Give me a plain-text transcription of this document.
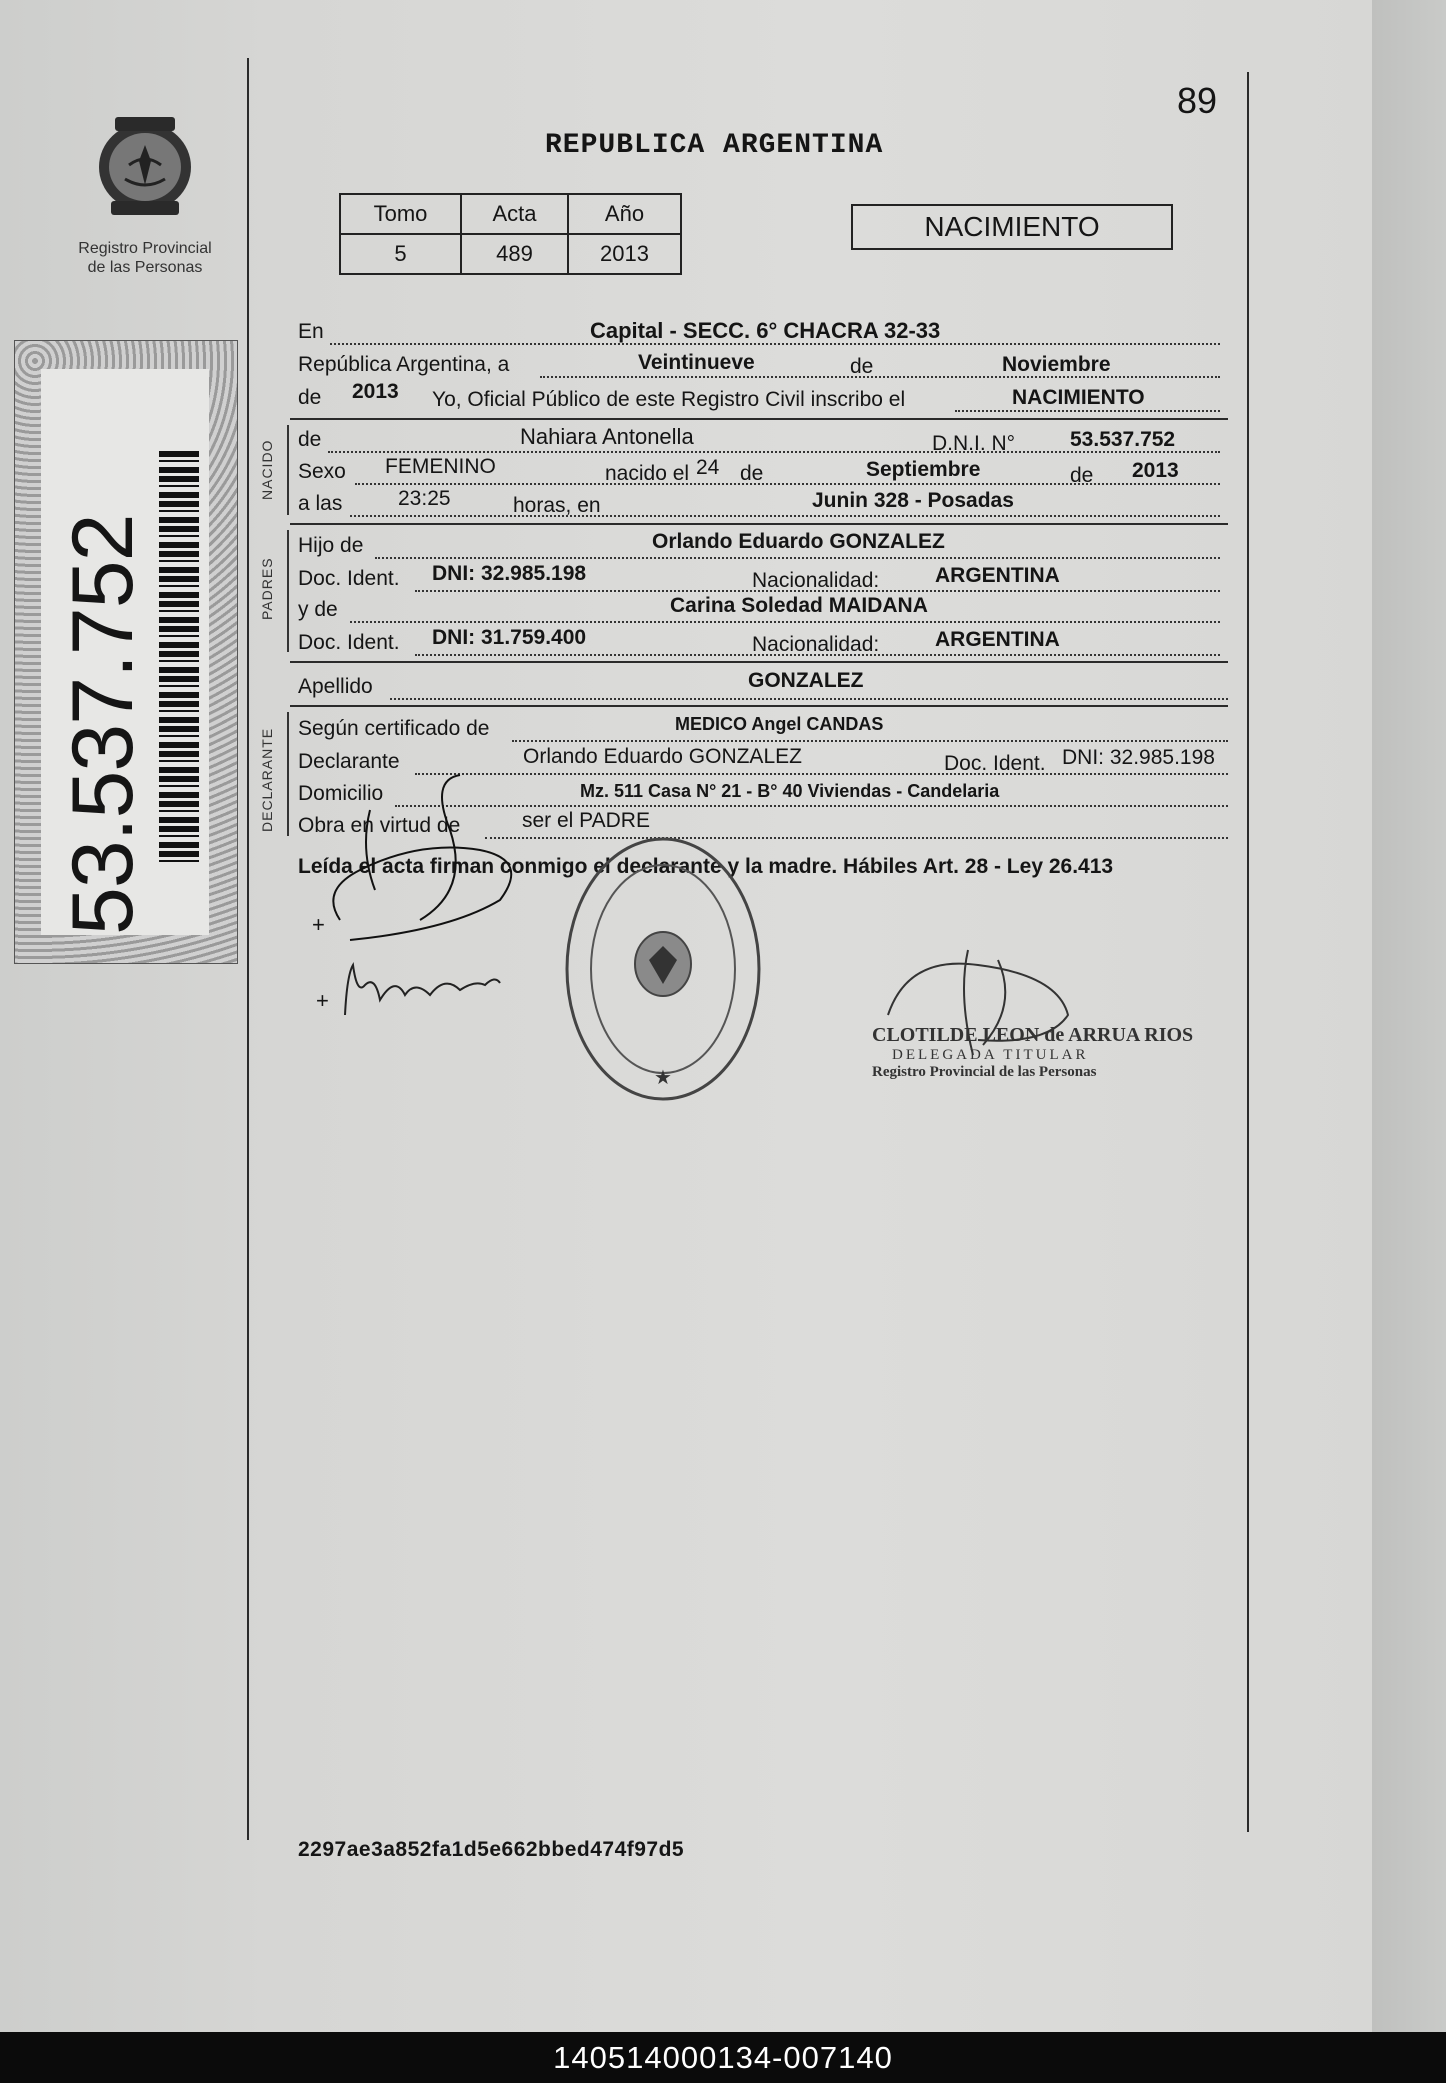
Registro Provincial
de las Personas
53.537.752
89
REPUBLICA ARGENTINA
Tomo	Acta	Año
5	489	2013
NACIMIENTO
En	Capital - SECC. 6° CHACRA 32-33
República Argentina, a	Veintinueve	de	Noviembre
de 2013 Yo, Oficial Público de este Registro Civil inscribo el	NACIMIENTO
NACIDO
de	Nahiara Antonella	D.N.I. N°	53.537.752
Sexo FEMENINO	nacido el 24 de	Septiembre	de 2013
a las	23:25	horas, en	Junin 328 - Posadas
PADRES
Hijo de	Orlando Eduardo GONZALEZ
Doc. Ident. DNI: 32.985.198	Nacionalidad:	ARGENTINA
y de	Carina Soledad MAIDANA
Doc. Ident. DNI: 31.759.400	Nacionalidad:	ARGENTINA
Apellido	GONZALEZ
DECLARANTE Según certificado de	MEDICO Angel CANDAS
Declarante	Orlando Eduardo GONZALEZ	Doc. Ident. DNI: 32.985.198
Domicilio	Mz. 511 Casa N° 21 - B° 40 Viviendas - Candelaria
Obra en virtud de	ser el PADRE
Leída el acta firman conmigo el declarante y la madre. Hábiles Art. 28 - Ley 26.413
+
+
★
CLOTILDE LEON de ARRUA RIOS
DELEGADA TITULAR
Registro Provincial de las Personas
2297ae3a852fa1d5e662bbed474f97d5
140514000134-007140
